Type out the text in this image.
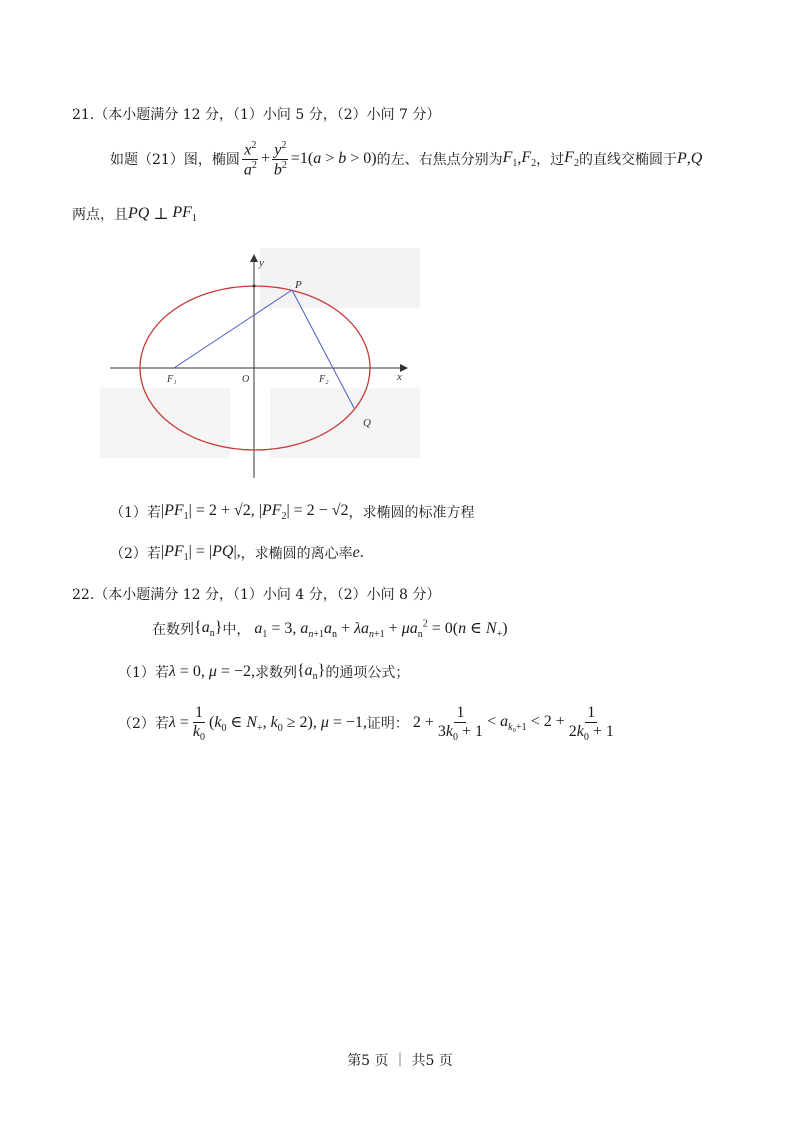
21.（本小题满分 12 分，（1）小问 5 分，（2）小问 7 分）
如题（21）图，椭圆 $\frac{x^2}{a^2} + \frac{y^2}{b^2} =1(a > b > 0)$ 的左、右焦点分别为 $F_1$ , $F_2$ ，过 $F_2$ 的直线交椭圆于 P , Q
两点，且 PQ ⊥ $PF_1$
y
x
P
Q
F₁	F₂
O
（1）若 $|PF_1| = 2 + √2$, $|PF_2| = 2 - √2$ ，求椭圆的标准方程
（2）若 $|PF_1| = |PQ|$, ，求椭圆的离心率 e .
22.（本小题满分 12 分，（1）小问 4 分，（2）小问 8 分）
在数列 $\{a_n\}$ 中， $a_1 = 3$, $a_{n+1}a_n + \lambda a_{n+1} + \mu a_n^2 = 0(n$ ∈ $N_+$)
（1）若 λ = 0, μ = −2, 求数列 $\{a_n\}$ 的通项公式；
（2）若 $\lambda = \frac{1}{k_0} (k_0$ ∈ $N_+$, $k_0 \ge 2$), μ = −1, 证明： $2 + \frac{1}{3k_0 + 1} < a_{k_0+1} < 2 + \frac{1}{2k_0 + 1}$
第5 页 ｜ 共5 页
